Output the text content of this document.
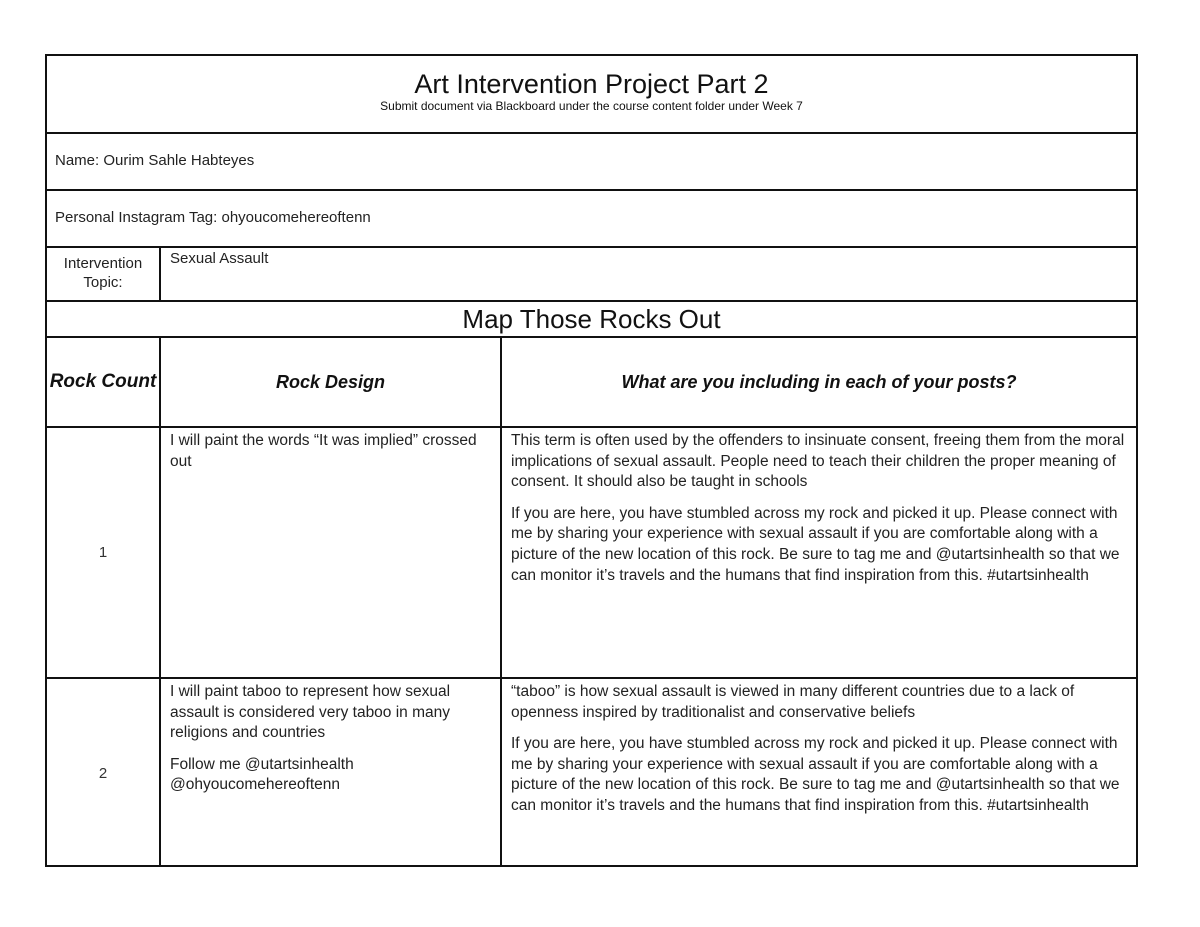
Art Intervention Project Part 2
Submit document via Blackboard under the course content folder under Week 7
Name: Ourim Sahle Habteyes
Personal Instagram Tag: ohyoucomehereoftenn
Intervention Topic:
Sexual Assault
Map Those Rocks Out
Rock Count	Rock Design	What are you including in each of your posts?
1

I will paint the words “It was implied” crossed out

This term is often used by the offenders to insinuate consent, freeing them from the moral implications of sexual assault. People need to teach their children the proper meaning of consent. It should also be taught in schools

If you are here, you have stumbled across my rock and picked it up. Please connect with me by sharing your experience with sexual assault if you are comfortable along with a picture of the new location of this rock. Be sure to tag me and @utartsinhealth so that we can monitor it’s travels and the humans that find inspiration from this. #utartsinhealth

2

I will paint taboo to represent how sexual assault is considered very taboo in many religions and countries

Follow me @utartsinhealth @ohyoucomehereoftenn

“taboo” is how sexual assault is viewed in many different countries due to a lack of openness inspired by traditionalist and conservative beliefs

If you are here, you have stumbled across my rock and picked it up. Please connect with me by sharing your experience with sexual assault if you are comfortable along with a picture of the new location of this rock. Be sure to tag me and @utartsinhealth so that we can monitor it’s travels and the humans that find inspiration from this. #utartsinhealth
